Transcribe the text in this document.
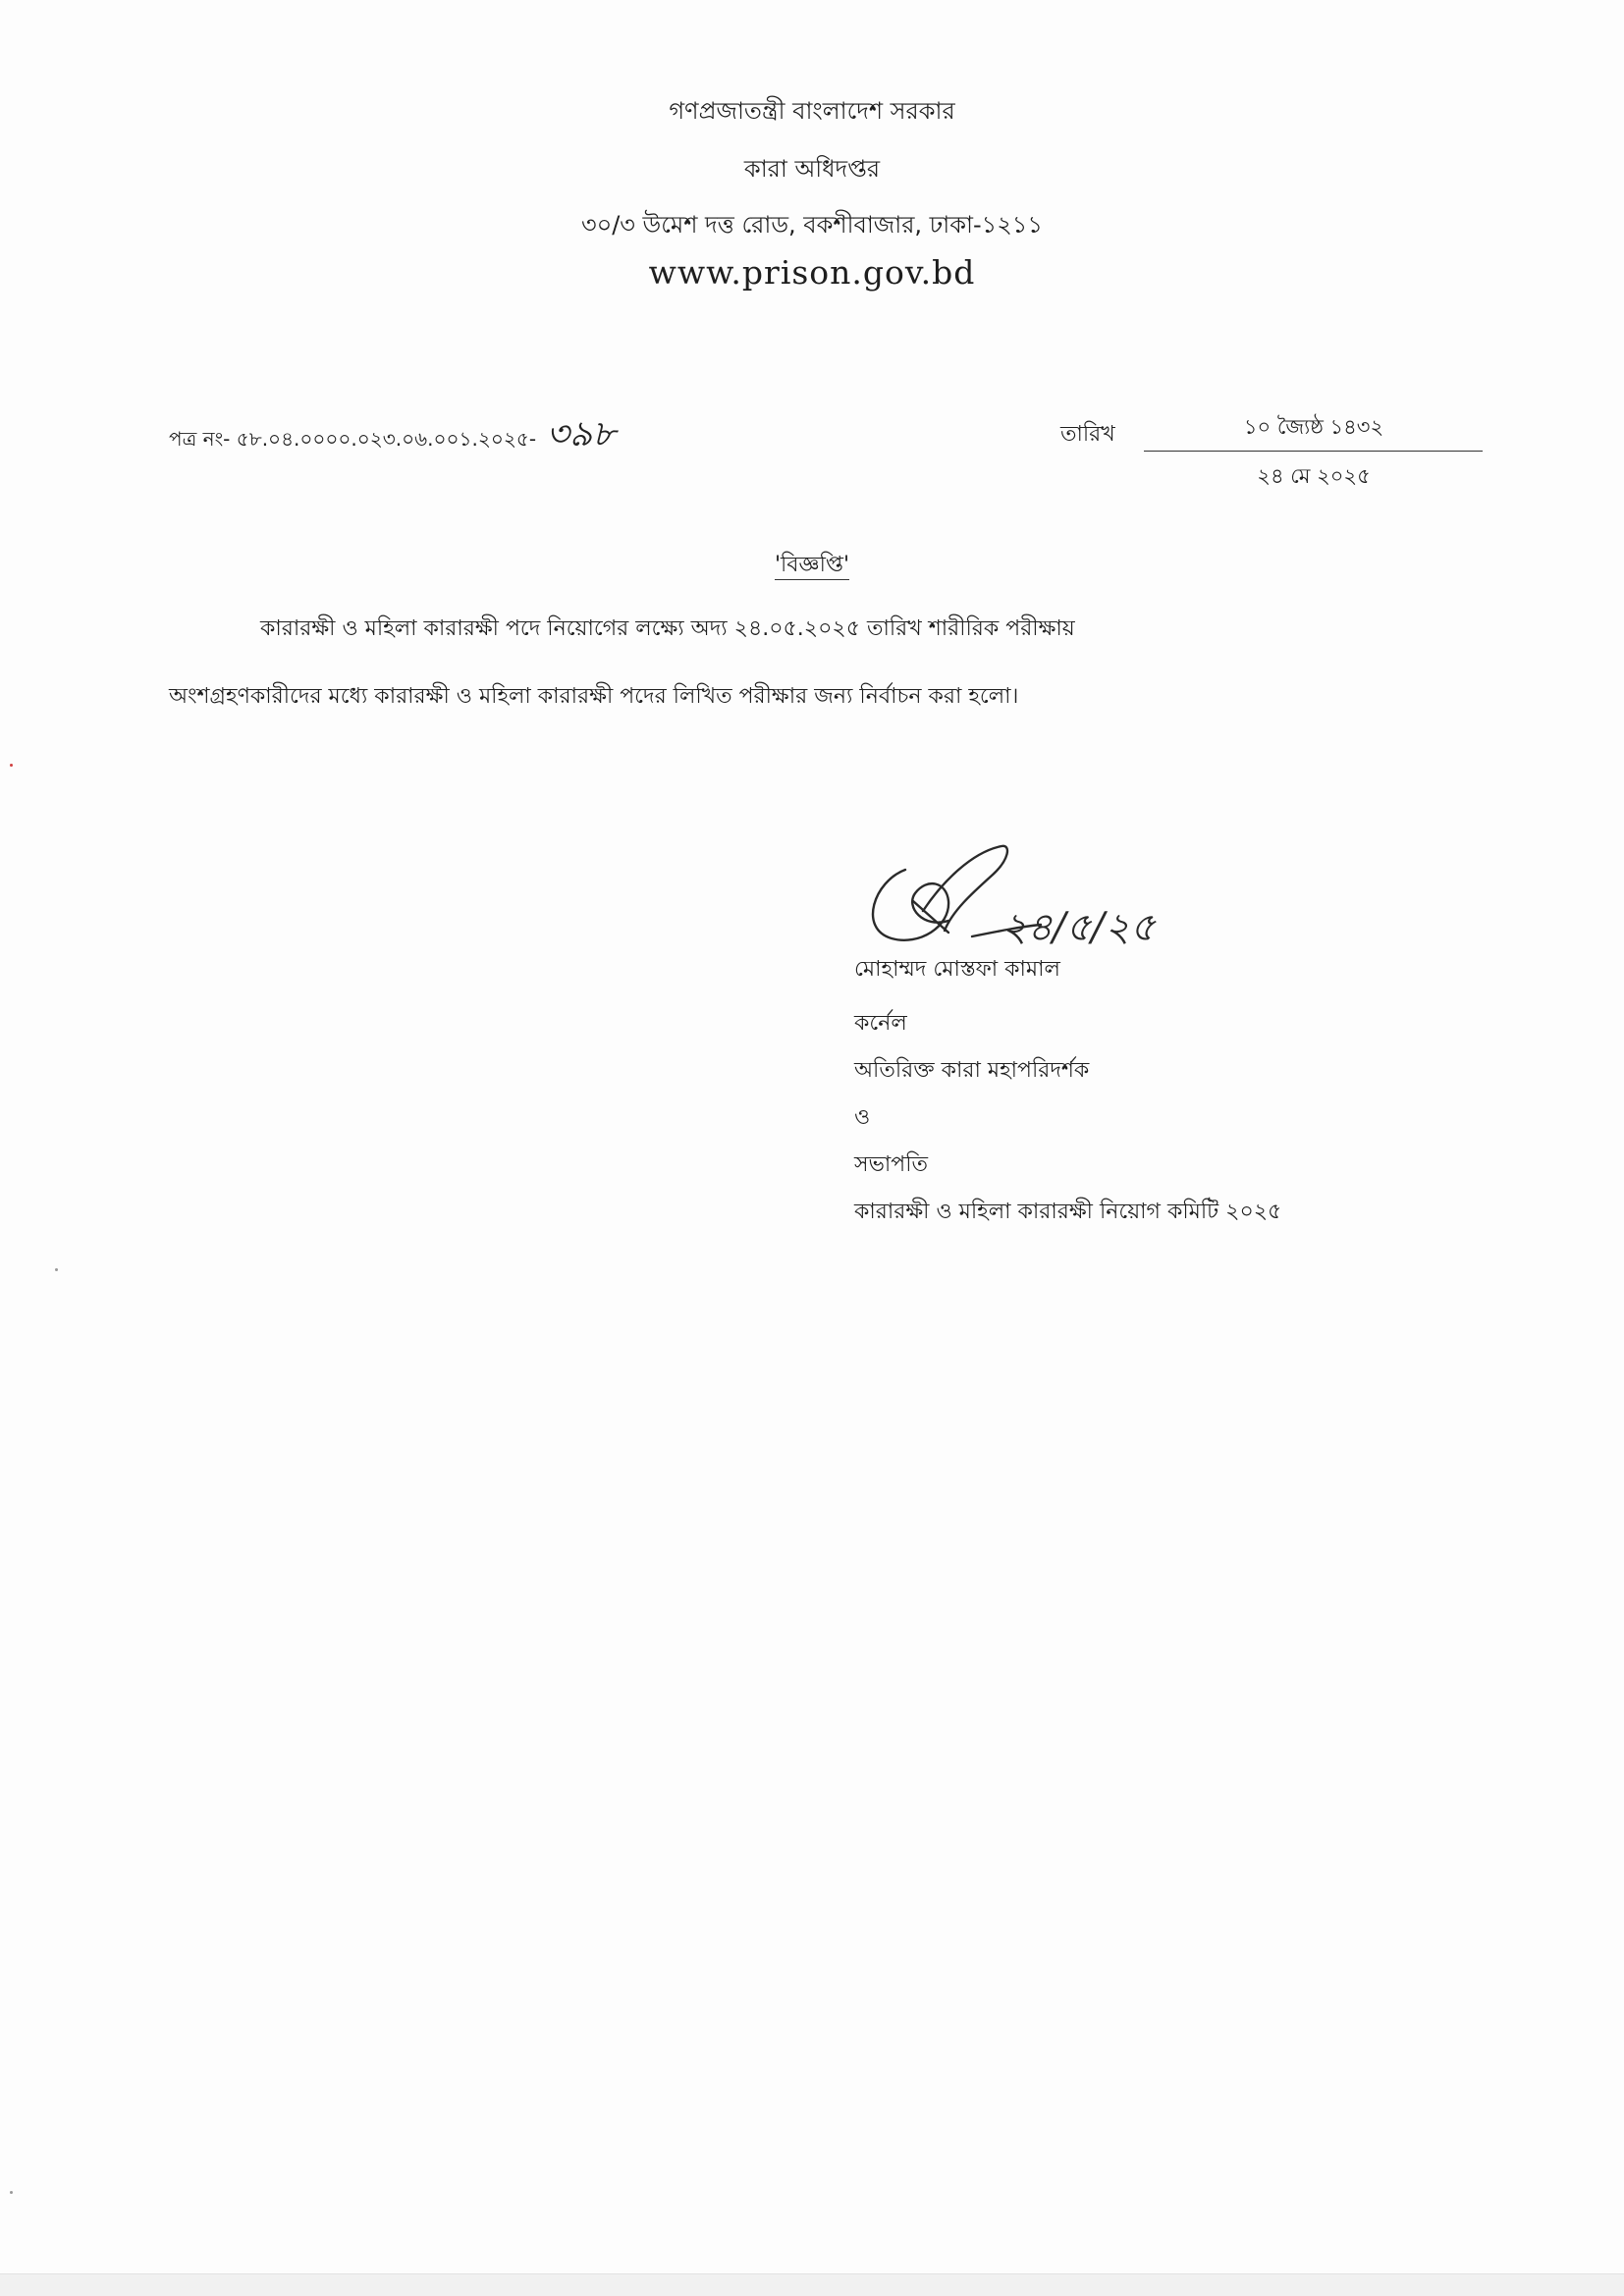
গণপ্রজাতন্ত্রী বাংলাদেশ সরকার
কারা অধিদপ্তর
৩০/৩ উমেশ দত্ত রোড, বকশীবাজার, ঢাকা-১২১১
www.prison.gov.bd
পত্র নং- ৫৮.০৪.০০০০.০২৩.০৬.০০১.২০২৫- ৩৯৮	তারিখ	১০ জ্যৈষ্ঠ ১৪৩২
২৪ মে ২০২৫
'বিজ্ঞপ্তি'
কারারক্ষী ও মহিলা কারারক্ষী পদে নিয়োগের লক্ষ্যে অদ্য ২৪.০৫.২০২৫ তারিখ শারীরিক পরীক্ষায়
অংশগ্রহণকারীদের মধ্যে কারারক্ষী ও মহিলা কারারক্ষী পদের লিখিত পরীক্ষার জন্য নির্বাচন করা হলো।
২৪/৫/২৫
মোহাম্মদ মোস্তফা কামাল
কর্নেল
অতিরিক্ত কারা মহাপরিদর্শক
ও
সভাপতি
কারারক্ষী ও মহিলা কারারক্ষী নিয়োগ কমিটি ২০২৫
